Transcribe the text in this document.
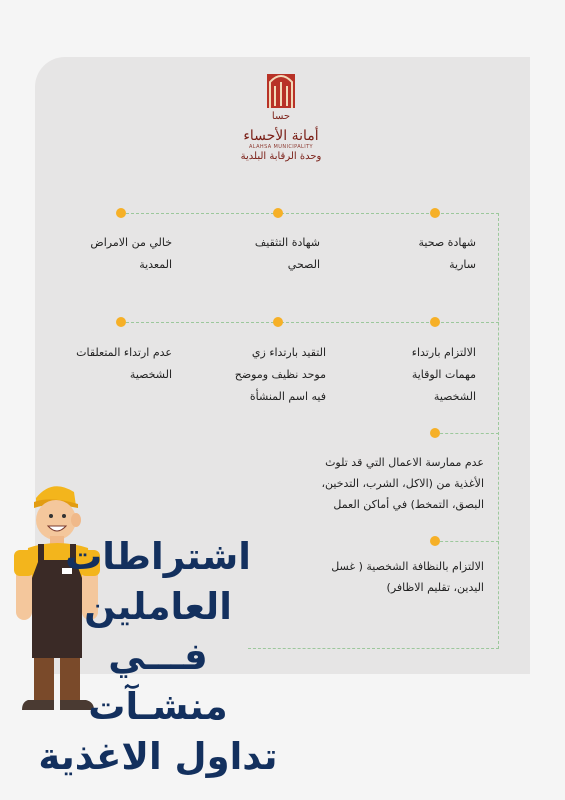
حسا
أمانة الأحساء
ALAHSA MUNICIPALITY
وحدة الرقابة البلدية
شهادة صحية سارية
شهادة التثقيف الصحي
خالي من الامراض المعدية
الالتزام بارتداء مهمات الوقاية الشخصية
التقيد بارتداء زي موحد نظيف وموضح فيه اسم المنشأة
عدم ارتداء المتعلقات الشخصية
عدم ممارسة الاعمال التي قد تلوث الأغذية من (الاكل، الشرب، التدخين، البصق، التمخط) في أماكن العمل
الالتزام بالنظافة الشخصية ( غسل اليدين، تقليم الاظافر)
اشتراطات
العاملين
فـــي
منشـآت
تداول الاغذية
